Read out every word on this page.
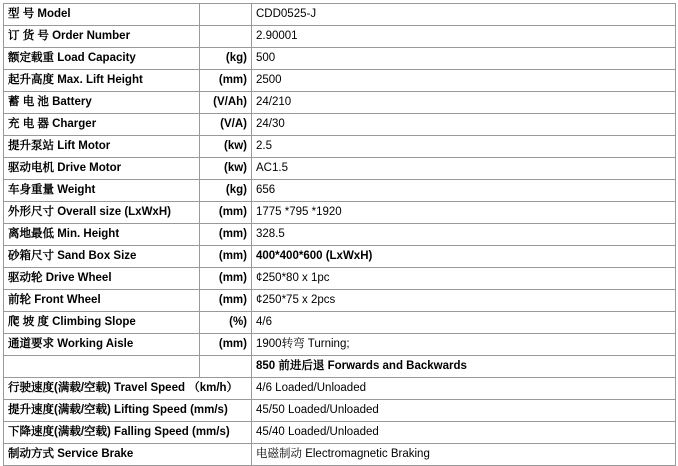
型 号 Model		CDD0525-J
订 货 号 Order Number		2.90001
额定载重 Load Capacity	(kg)	500
起升高度 Max. Lift Height	(mm)	2500
蓄 电 池 Battery	(V/Ah)	24/210
充 电 器 Charger	(V/A)	24/30
提升泵站 Lift Motor	(kw)	2.5
驱动电机 Drive Motor	(kw)	AC1.5
车身重量 Weight	(kg)	656
外形尺寸 Overall size (LxWxH)	(mm)	1775 *795 *1920
离地最低 Min. Height	(mm)	328.5
砂箱尺寸 Sand Box Size	(mm)	400*400*600 (LxWxH)
驱动轮 Drive Wheel	(mm)	¢250*80 x 1pc
前轮 Front Wheel	(mm)	¢250*75 x 2pcs
爬 坡 度 Climbing Slope	(%)	4/6
通道要求 Working Aisle	(mm)	1900转弯 Turning;
		850 前进后退 Forwards and Backwards
行驶速度(满载/空载) Travel Speed （km/h）		4/6 Loaded/Unloaded
提升速度(满载/空载) Lifting Speed (mm/s)		45/50 Loaded/Unloaded
下降速度(满载/空载) Falling Speed (mm/s)		45/40 Loaded/Unloaded
制动方式 Service Brake		电磁制动 Electromagnetic Braking
